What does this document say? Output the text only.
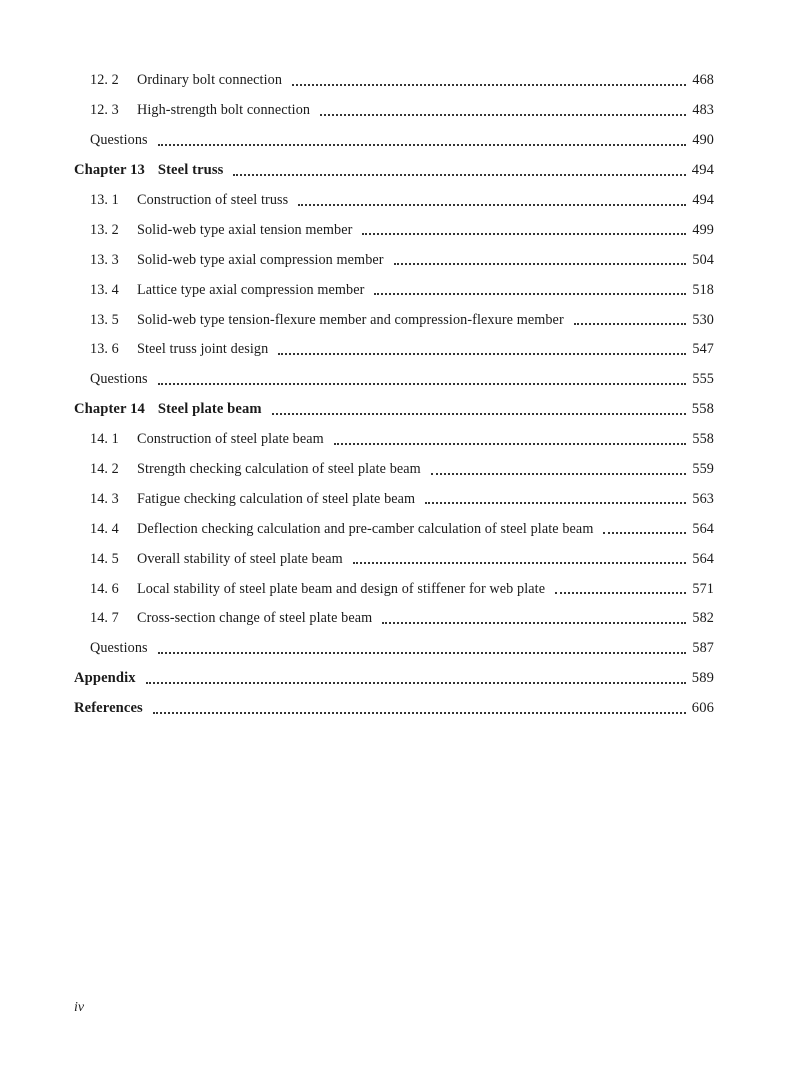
12. 2	Ordinary bolt connection	468
12. 3	High-strength bolt connection	483
Questions	490
Chapter 13 Steel truss	494
13. 1	Construction of steel truss	494
13. 2	Solid-web type axial tension member	499
13. 3	Solid-web type axial compression member	504
13. 4	Lattice type axial compression member	518
13. 5	Solid-web type tension-flexure member and compression-flexure member	530
13. 6	Steel truss joint design	547
Questions	555
Chapter 14 Steel plate beam	558
14. 1	Construction of steel plate beam	558
14. 2	Strength checking calculation of steel plate beam	559
14. 3	Fatigue checking calculation of steel plate beam	563
14. 4	Deflection checking calculation and pre-camber calculation of steel plate beam	564
14. 5	Overall stability of steel plate beam	564
14. 6	Local stability of steel plate beam and design of stiffener for web plate	571
14. 7	Cross-section change of steel plate beam	582
Questions	587
Appendix	589
References	606
iv
